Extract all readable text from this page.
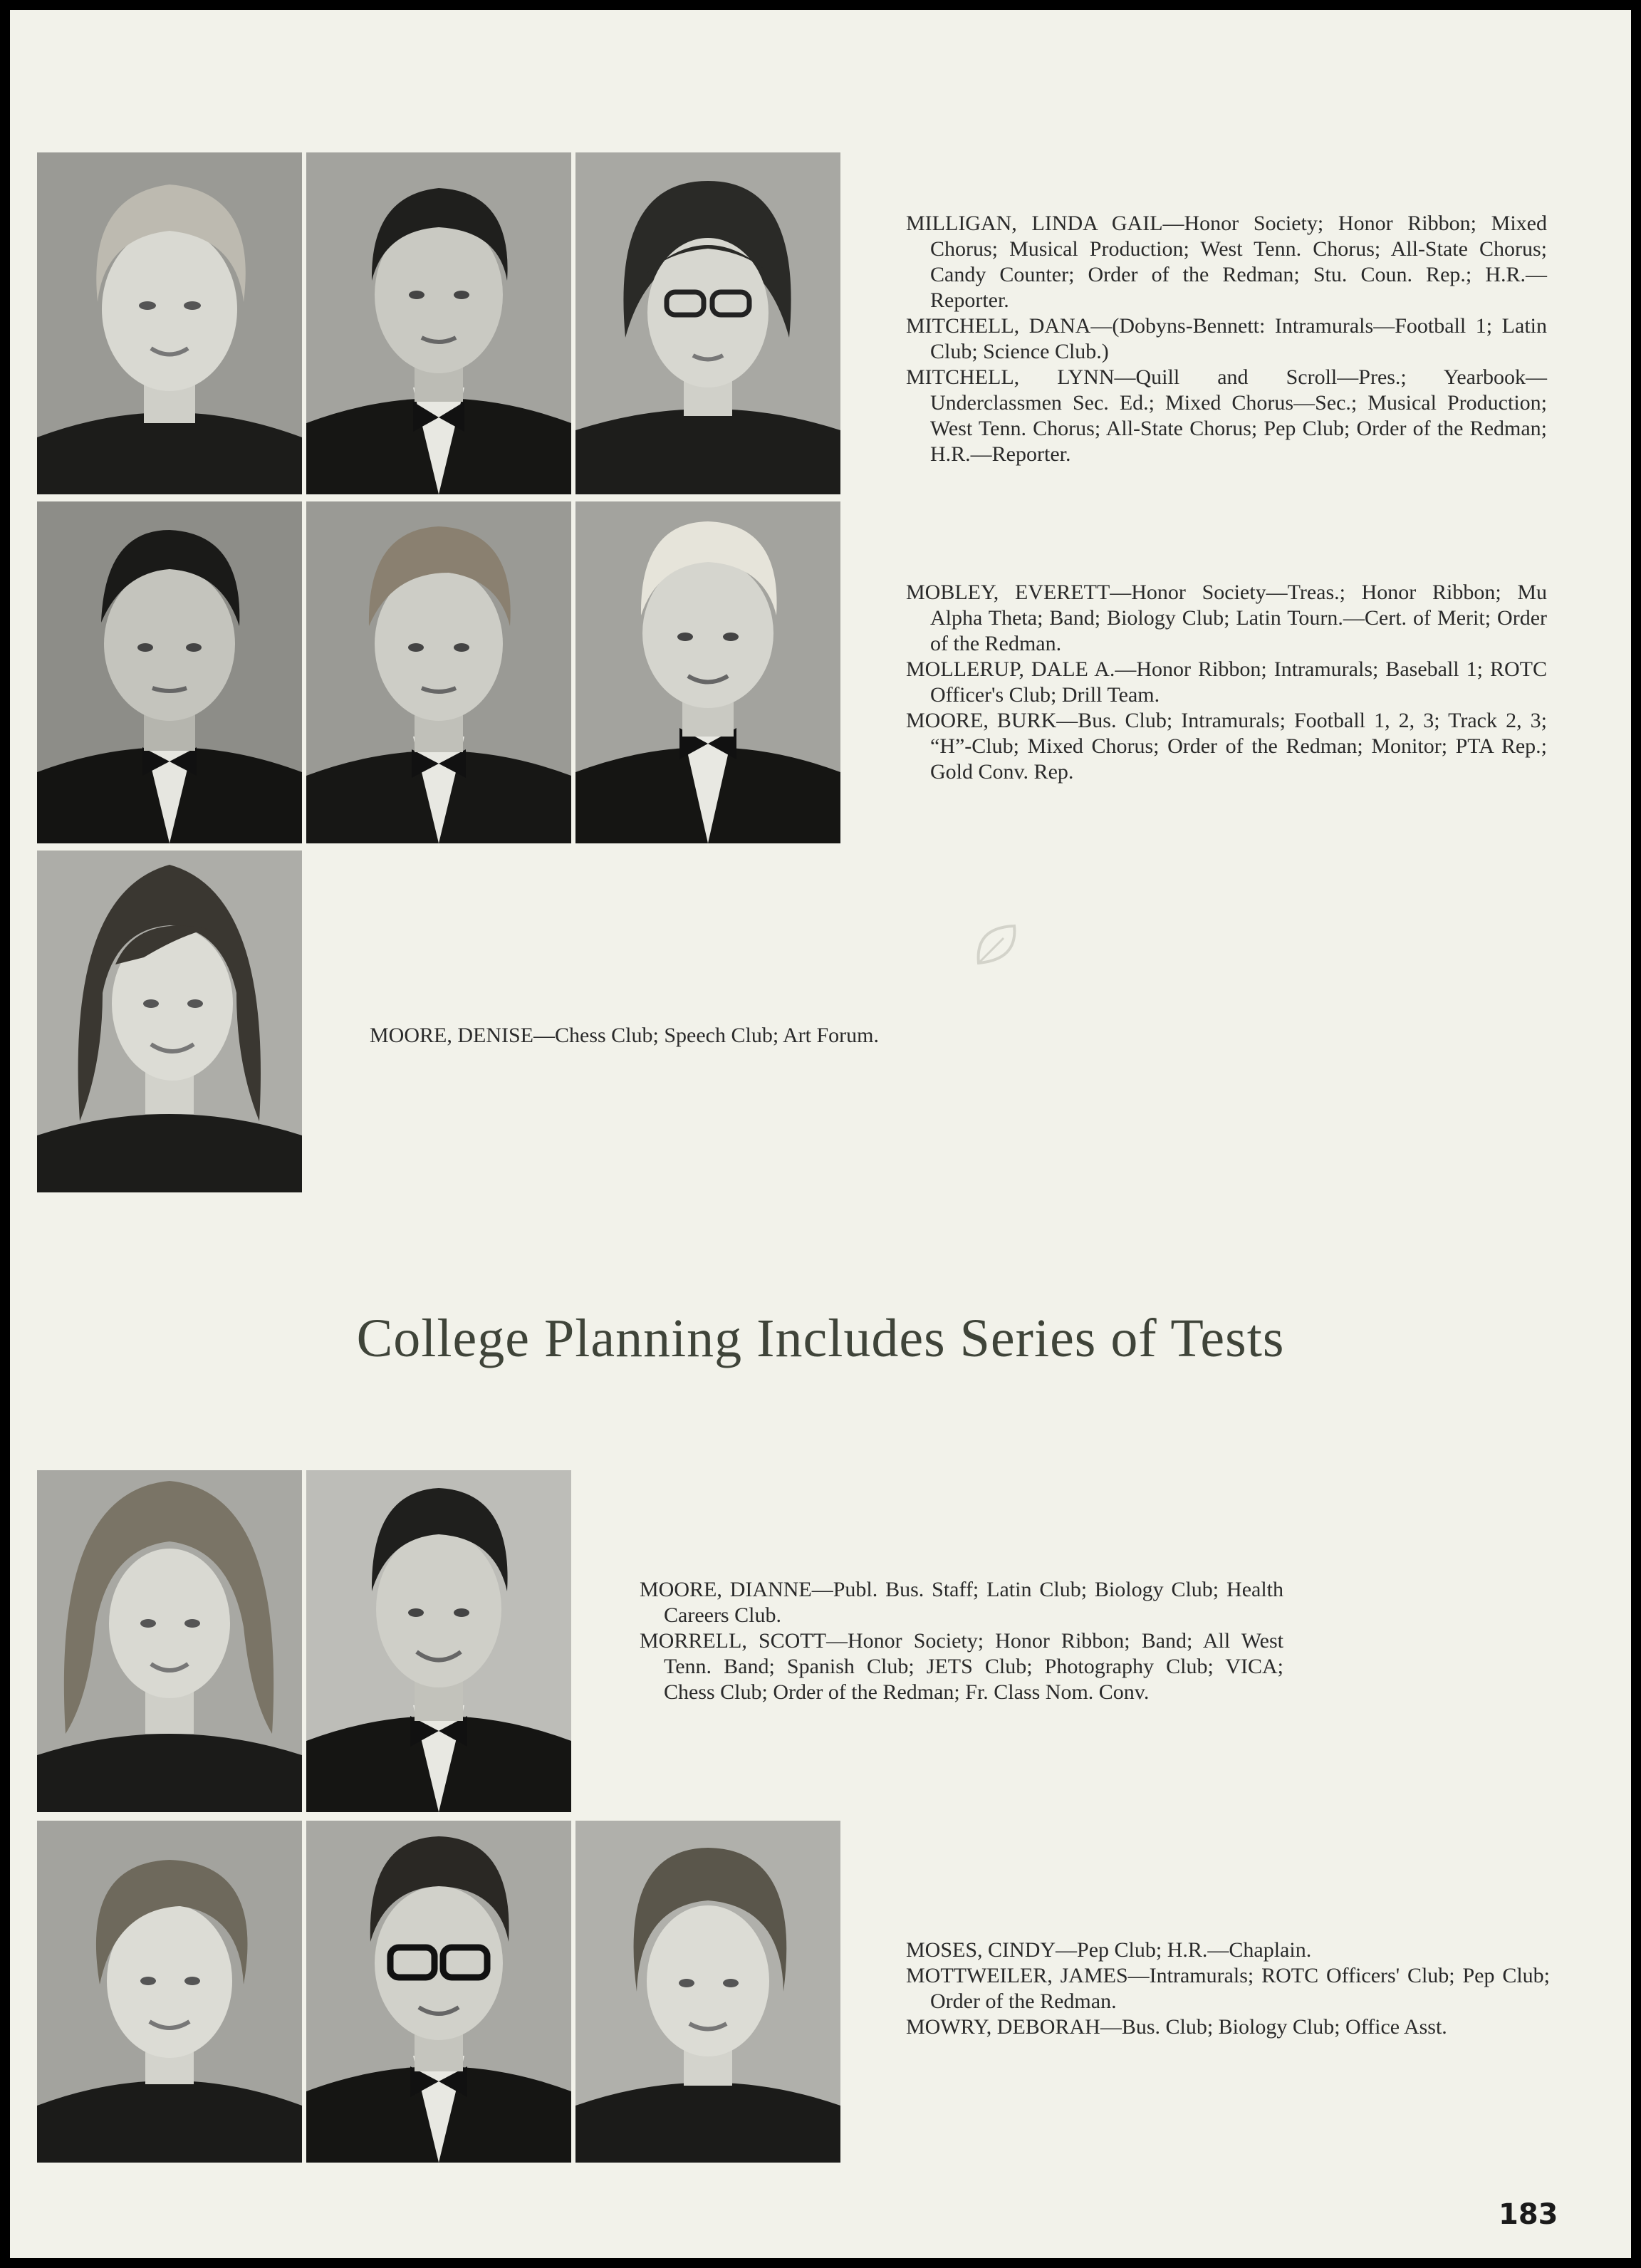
MILLIGAN, LINDA GAIL—Honor Society; Honor Ribbon; Mixed Chorus; Musical Production; West Tenn. Chorus; All-State Chorus; Candy Counter; Order of the Redman; Stu. Coun. Rep.; H.R.—Reporter.

MITCHELL, DANA—(Dobyns-Bennett: Intramurals—Football 1; Latin Club; Science Club.)

MITCHELL, LYNN—Quill and Scroll—Pres.; Yearbook—Underclassmen Sec. Ed.; Mixed Chorus—Sec.; Musical Production; West Tenn. Chorus; All-State Chorus; Pep Club; Order of the Redman; H.R.—Reporter.

MOBLEY, EVERETT—Honor Society—Treas.; Honor Ribbon; Mu Alpha Theta; Band; Biology Club; Latin Tourn.—Cert. of Merit; Order of the Redman.

MOLLERUP, DALE A.—Honor Ribbon; Intramurals; Baseball 1; ROTC Officer's Club; Drill Team.

MOORE, BURK—Bus. Club; Intramurals; Football 1, 2, 3; Track 2, 3; “H”-Club; Mixed Chorus; Order of the Redman; Monitor; PTA Rep.; Gold Conv. Rep.

MOORE, DENISE—Chess Club; Speech Club; Art Forum.
College Planning Includes Series of Tests

MOORE, DIANNE—Publ. Bus. Staff; Latin Club; Biology Club; Health Careers Club.

MORRELL, SCOTT—Honor Society; Honor Ribbon; Band; All West Tenn. Band; Spanish Club; JETS Club; Photography Club; VICA; Chess Club; Order of the Redman; Fr. Class Nom. Conv.

MOSES, CINDY—Pep Club; H.R.—Chaplain.

MOTTWEILER, JAMES—Intramurals; ROTC Officers' Club; Pep Club; Order of the Redman.

MOWRY, DEBORAH—Bus. Club; Biology Club; Office Asst.

183
